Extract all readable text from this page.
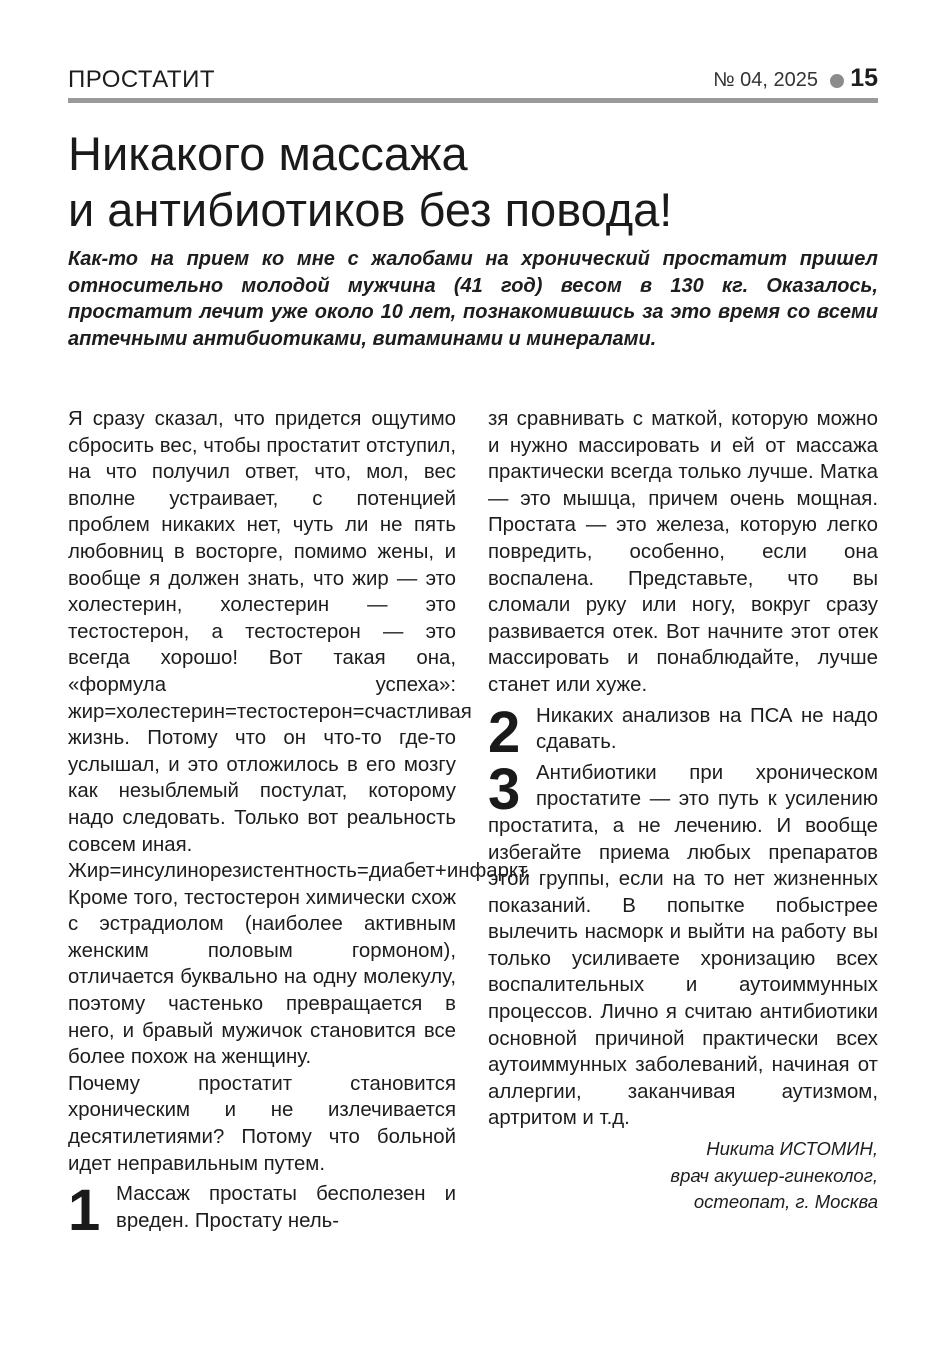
ПРОСТАТИТ	№ 04, 2025 15
Никакого массажа
и антибиотиков без повода!

Как-то на прием ко мне с жалобами на хронический простатит пришел относительно молодой мужчина (41 год) весом в 130 кг. Оказалось, простатит лечит уже около 10 лет, познакомившись за это время со всеми аптечными антибиотиками, витаминами и минералами.

Я сразу сказал, что придется ощутимо сбросить вес, чтобы простатит отступил, на что получил ответ, что, мол, вес вполне устраивает, с потенцией проблем никаких нет, чуть ли не пять любовниц в восторге, помимо жены, и вообще я должен знать, что жир — это холестерин, холестерин — это тестостерон, а тестостерон — это всегда хорошо! Вот такая она, «формула успеха»: жир=холестерин=тестостерон=счастливая жизнь. Потому что он что-то где-то услышал, и это отложилось в его мозгу как незыблемый постулат, которому надо следовать. Только вот реальность совсем иная.

Жир=инсулинорезистентность=диабет+инфаркт. Кроме того, тестостерон химически схож с эстрадиолом (наиболее активным женским половым гормоном), отличается буквально на одну молекулу, поэтому частенько превращается в него, и бравый мужичок становится все более похож на женщину.

Почему простатит становится хроническим и не излечивается десятилетиями? Потому что больной идет неправильным путем.

1 Массаж простаты бесполезен и вреден. Простату нель-

зя сравнивать с маткой, которую можно и нужно массировать и ей от массажа практически всегда только лучше. Матка — это мышца, причем очень мощная. Простата — это железа, которую легко повредить, особенно, если она воспалена. Представьте, что вы сломали руку или ногу, вокруг сразу развивается отек. Вот начните этот отек массировать и понаблюдайте, лучше станет или хуже.

2 Никаких анализов на ПСА не надо сдавать.

3 Антибиотики при хроническом простатите — это путь к усилению простатита, а не лечению. И вообще избегайте приема любых препаратов этой группы, если на то нет жизненных показаний. В попытке побыстрее вылечить насморк и выйти на работу вы только усиливаете хронизацию всех воспалительных и аутоиммунных процессов. Лично я считаю антибиотики основной причиной практически всех аутоиммунных заболеваний, начиная от аллергии, заканчивая аутизмом, артритом и т.д.

Никита ИСТОМИН,
врач акушер-гинеколог,
остеопат, г. Москва
